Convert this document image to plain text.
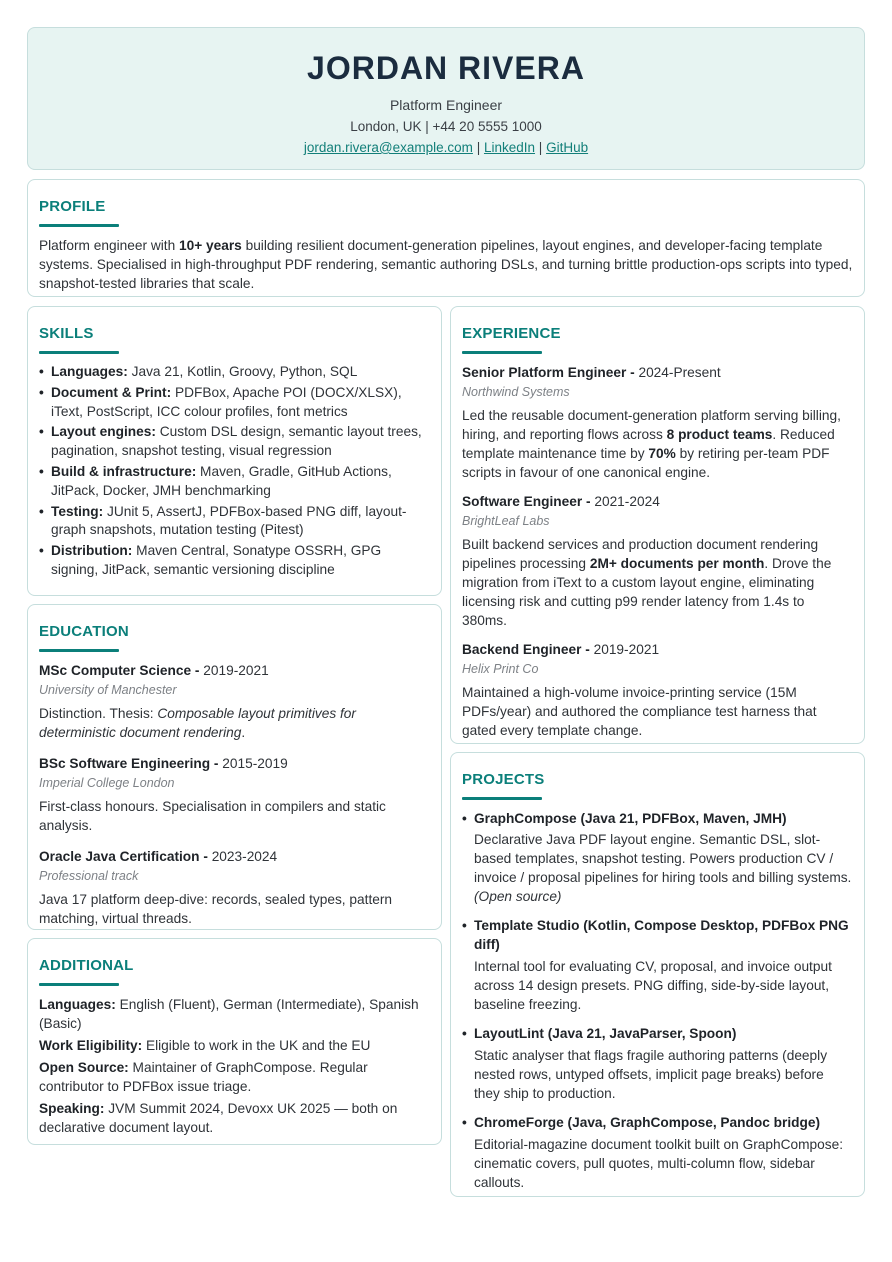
JORDAN RIVERA
Platform Engineer
London, UK | +44 20 5555 1000
jordan.rivera@example.com | LinkedIn | GitHub
PROFILE
Platform engineer with 10+ years building resilient document-generation pipelines, layout engines, and developer-facing template systems. Specialised in high-throughput PDF rendering, semantic authoring DSLs, and turning brittle production-ops scripts into typed, snapshot-tested libraries that scale.
SKILLS
• Languages: Java 21, Kotlin, Groovy, Python, SQL
• Document & Print: PDFBox, Apache POI (DOCX/XLSX), iText, PostScript, ICC colour profiles, font metrics
• Layout engines: Custom DSL design, semantic layout trees, pagination, snapshot testing, visual regression
• Build & infrastructure: Maven, Gradle, GitHub Actions, JitPack, Docker, JMH benchmarking
• Testing: JUnit 5, AssertJ, PDFBox-based PNG diff, layout-graph snapshots, mutation testing (Pitest)
• Distribution: Maven Central, Sonatype OSSRH, GPG signing, JitPack, semantic versioning discipline
EDUCATION
MSc Computer Science - 2019-2021
University of Manchester
Distinction. Thesis: Composable layout primitives for deterministic document rendering.
BSc Software Engineering - 2015-2019
Imperial College London
First-class honours. Specialisation in compilers and static analysis.
Oracle Java Certification - 2023-2024
Professional track
Java 17 platform deep-dive: records, sealed types, pattern matching, virtual threads.
ADDITIONAL
Languages: English (Fluent), German (Intermediate), Spanish (Basic)
Work Eligibility: Eligible to work in the UK and the EU
Open Source: Maintainer of GraphCompose. Regular contributor to PDFBox issue triage.
Speaking: JVM Summit 2024, Devoxx UK 2025 — both on declarative document layout.
EXPERIENCE
Senior Platform Engineer - 2024-Present
Northwind Systems
Led the reusable document-generation platform serving billing, hiring, and reporting flows across 8 product teams. Reduced template maintenance time by 70% by retiring per-team PDF scripts in favour of one canonical engine.
Software Engineer - 2021-2024
BrightLeaf Labs
Built backend services and production document rendering pipelines processing 2M+ documents per month. Drove the migration from iText to a custom layout engine, eliminating licensing risk and cutting p99 render latency from 1.4s to 380ms.
Backend Engineer - 2019-2021
Helix Print Co
Maintained a high-volume invoice-printing service (15M PDFs/year) and authored the compliance test harness that gated every template change.
PROJECTS
• GraphCompose (Java 21, PDFBox, Maven, JMH)
Declarative Java PDF layout engine. Semantic DSL, slot-based templates, snapshot testing. Powers production CV / invoice / proposal pipelines for hiring tools and billing systems. (Open source)
• Template Studio (Kotlin, Compose Desktop, PDFBox PNG diff)
Internal tool for evaluating CV, proposal, and invoice output across 14 design presets. PNG diffing, side-by-side layout, baseline freezing.
• LayoutLint (Java 21, JavaParser, Spoon)
Static analyser that flags fragile authoring patterns (deeply nested rows, untyped offsets, implicit page breaks) before they ship to production.
• ChromeForge (Java, GraphCompose, Pandoc bridge)
Editorial-magazine document toolkit built on GraphCompose: cinematic covers, pull quotes, multi-column flow, sidebar callouts.
